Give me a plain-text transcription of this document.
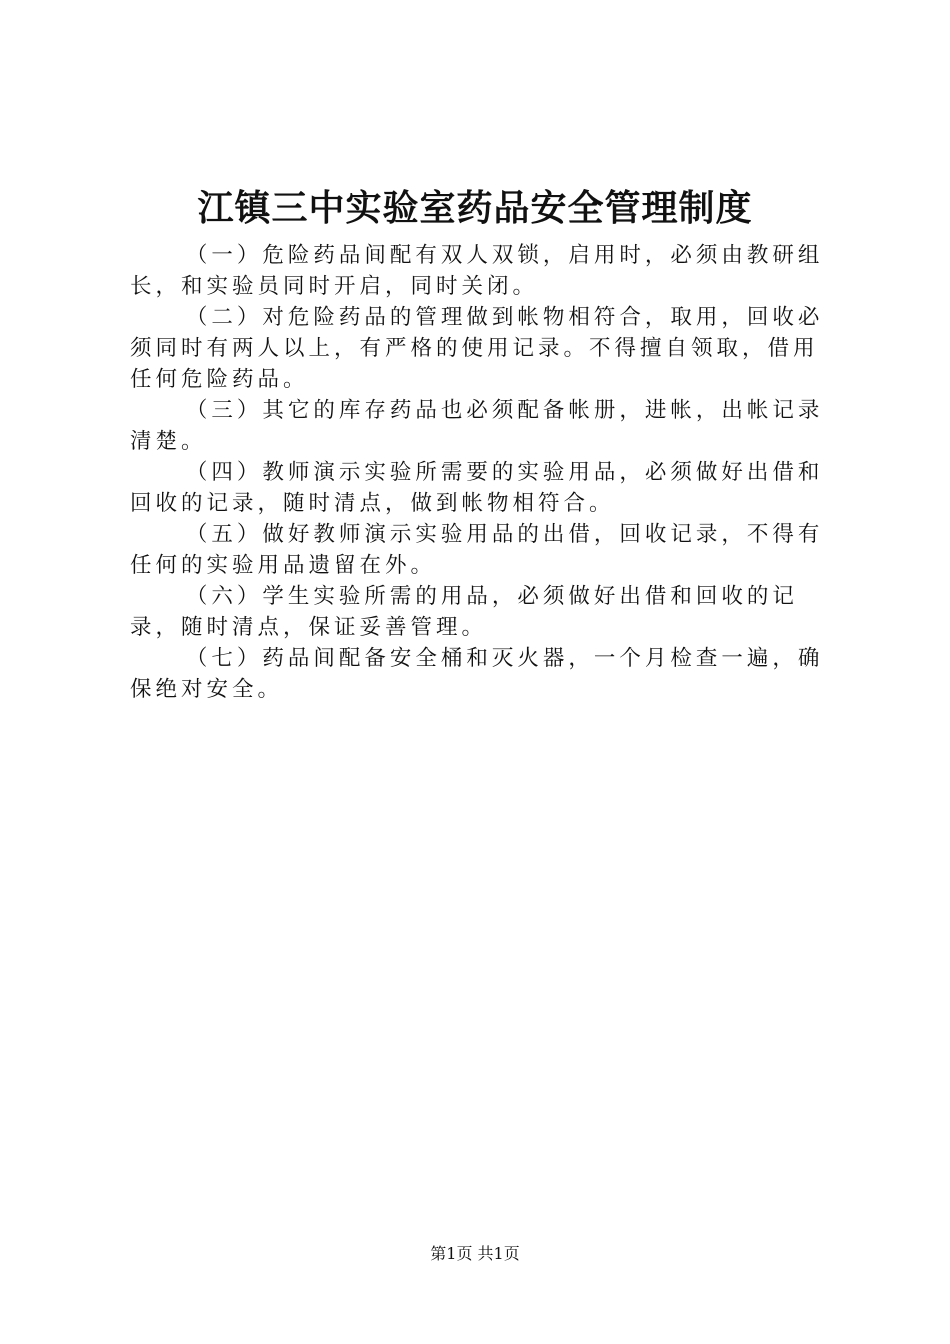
江镇三中实验室药品安全管理制度

（一）危险药品间配有双人双锁，启用时，必须由教研组长，和实验员同时开启，同时关闭。

（二）对危险药品的管理做到帐物相符合，取用，回收必须同时有两人以上，有严格的使用记录。不得擅自领取，借用任何危险药品。

（三）其它的库存药品也必须配备帐册，进帐，出帐记录清楚。

（四）教师演示实验所需要的实验用品，必须做好出借和回收的记录，随时清点，做到帐物相符合。

（五）做好教师演示实验用品的出借，回收记录，不得有任何的实验用品遗留在外。

（六）学生实验所需的用品，必须做好出借和回收的记录，随时清点，保证妥善管理。

（七）药品间配备安全桶和灭火器，一个月检查一遍，确保绝对安全。

第1页 共1页
